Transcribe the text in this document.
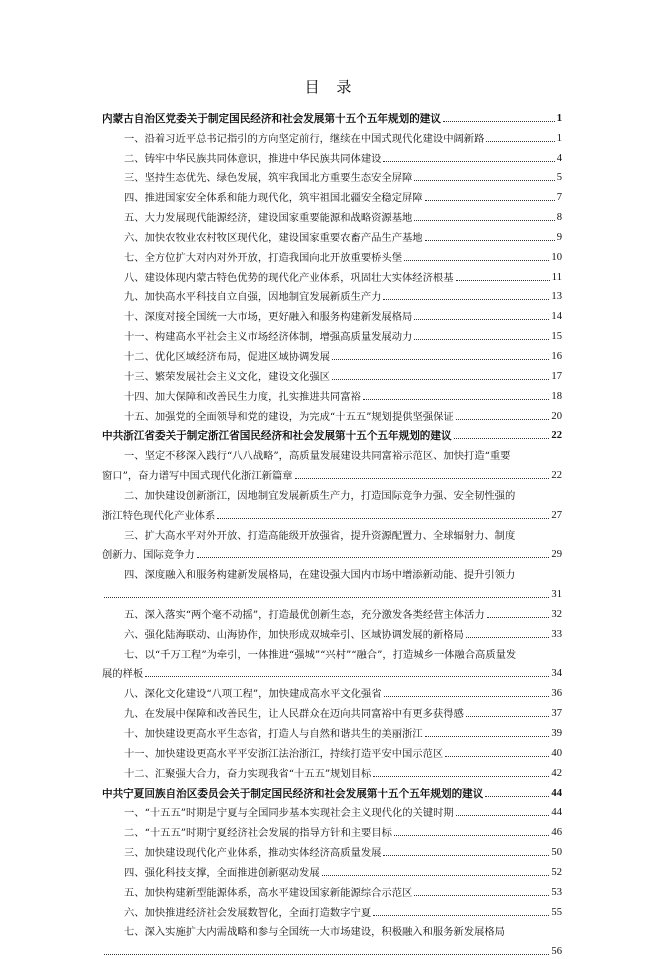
目 录
内蒙古自治区党委关于制定国民经济和社会发展第十五个五年规划的建议	1
一、沿着习近平总书记指引的方向坚定前行，继续在中国式现代化建设中阔新路	1
二、铸牢中华民族共同体意识，推进中华民族共同体建设	4
三、坚持生态优先、绿色发展，筑牢我国北方重要生态安全屏障	5
四、推进国家安全体系和能力现代化，筑牢祖国北疆安全稳定屏障	7
五、大力发展现代能源经济，建设国家重要能源和战略资源基地	8
六、加快农牧业农村牧区现代化，建设国家重要农畜产品生产基地	9
七、全方位扩大对内对外开放，打造我国向北开放重要桥头堡	10
八、建设体现内蒙古特色优势的现代化产业体系，巩固壮大实体经济根基	11
九、加快高水平科技自立自强，因地制宜发展新质生产力	13
十、深度对接全国统一大市场，更好融入和服务构建新发展格局	14
十一、构建高水平社会主义市场经济体制，增强高质量发展动力	15
十二、优化区域经济布局，促进区域协调发展	16
十三、繁荣发展社会主义文化，建设文化强区	17
十四、加大保障和改善民生力度，扎实推进共同富裕	18
十五、加强党的全面领导和党的建设，为完成“十五五”规划提供坚强保证	20
中共浙江省委关于制定浙江省国民经济和社会发展第十五个五年规划的建议	22
一、坚定不移深入践行“八八战略”，高质量发展建设共同富裕示范区、加快打造“重要
窗口”，奋力谱写中国式现代化浙江新篇章	22
二、加快建设创新浙江，因地制宜发展新质生产力，打造国际竞争力强、安全韧性强的
浙江特色现代化产业体系	27
三、扩大高水平对外开放、打造高能级开放强省，提升资源配置力、全球辐射力、制度
创新力、国际竞争力	29
四、深度融入和服务构建新发展格局，在建设强大国内市场中增添新动能、提升引领力
31
五、深入落实“两个毫不动摇”，打造最优创新生态，充分激发各类经营主体活力	32
六、强化陆海联动、山海协作，加快形成双城牵引、区域协调发展的新格局	33
七、以“千万工程”为牵引，一体推进“强城”“兴村”“融合”，打造城乡一体融合高质量发
展的样板	34
八、深化文化建设“八项工程”，加快建成高水平文化强省	36
九、在发展中保障和改善民生，让人民群众在迈向共同富裕中有更多获得感	37
十、加快建设更高水平生态省，打造人与自然和谐共生的美丽浙江	39
十一、加快建设更高水平平安浙江法治浙江，持续打造平安中国示范区	40
十二、汇聚强大合力，奋力实现我省“十五五”规划目标	42
中共宁夏回族自治区委员会关于制定国民经济和社会发展第十五个五年规划的建议	44
一、“十五五”时期是宁夏与全国同步基本实现社会主义现代化的关键时期	44
二、“十五五”时期宁夏经济社会发展的指导方针和主要目标	46
三、加快建设现代化产业体系，推动实体经济高质量发展	50
四、强化科技支撑，全面推进创新驱动发展	52
五、加快构建新型能源体系，高水平建设国家新能源综合示范区	53
六、加快推进经济社会发展数智化，全面打造数字宁夏	55
七、深入实施扩大内需战略和参与全国统一大市场建设，积极融入和服务新发展格局
56
